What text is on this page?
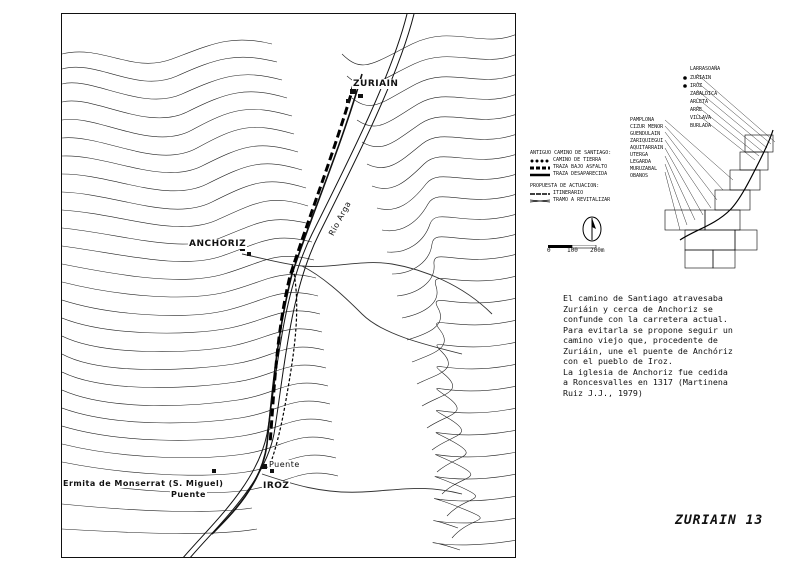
ZURIAIN
ANCHORIZ
IROZ
Ermita de Monserrat (S. Miguel)
Puente
Puente
Río Arga
ANTIGUO CAMINO DE SANTIAGO:
CAMINO DE TIERRA
TRAZA BAJO ASFALTO
TRAZA DESAPARECIDA
PROPUESTA DE ACTUACION:
ITINERARIO
TRAMO A REVITALIZAR
0	100 200m
LARRASOAÑA
ZURIAIN
IROZ
ZABALDICA
ARLETA
ARRE
VILLAVA
BURLADA
PAMPLONA
CIZUR MENOR
GUENDULAIN
ZARIQUIEGUI
AQUITARRAIN
UTERGA
LEGARDA
MURUZABAL
OBANOS

El camino de Santiago atravesaba Zuriáin y cerca de Anchoriz se confunde con la carretera actual. Para evitarla se propone seguir un camino viejo que, procedente de Zuriáin, une el puente de Anchóriz con el pueblo de Iroz.

La iglesia de Anchoriz fue cedida a Roncesvalles en 1317 (Martinena Ruiz J.J., 1979)

ZURIAIN 13
